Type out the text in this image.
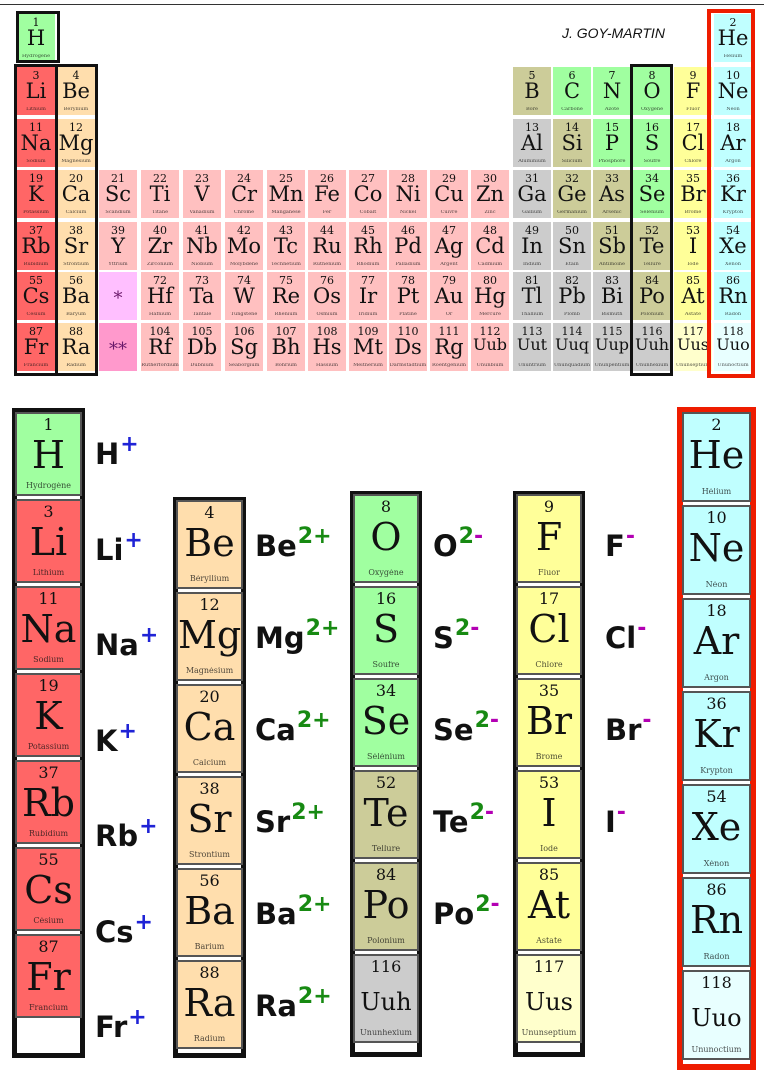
J. GOY-MARTIN
1
H
Hydrogène
2
He
Hélium
3
Li
Lithium
4
Be
Béryllium
5
B
Bore
6
C
Carbone
7
N
Azote
8
O
Oxygène
9
F
Fluor
10
Ne
Néon
11
Na
Sodium
12
Mg
Magnésium
13
Al
Aluminium
14
Si
Silicium
15
P
Phosphore
16
S
Soufre
17
Cl
Chlore
18
Ar
Argon
19
K
Potassium
20
Ca
Calcium
21
Sc
Scandium
22
Ti
Titane
23
V
Vanadium
24
Cr
Chrome
25
Mn
Manganèse
26
Fe
Fer
27
Co
Cobalt
28
Ni
Nickel
29
Cu
Cuivre
30
Zn
Zinc
31
Ga
Gallium
32
Ge
Germanium
33
As
Arsenic
34
Se
Sélénium
35
Br
Brome
36
Kr
Krypton
37
Rb
Rubidium
38
Sr
Strontium
39
Y
Yttrium
40
Zr
Zirconium
41
Nb
Niobium
42
Mo
Molybdène
43
Tc
Technétium
44
Ru
Ruthénium
45
Rh
Rhodium
46
Pd
Palladium
47
Ag
Argent
48
Cd
Cadmium
49
In
Indium
50
Sn
Étain
51
Sb
Antimoine
52
Te
Tellure
53
I
Iode
54
Xe
Xénon
55
Cs
Césium
56
Ba
Baryum
*
72
Hf
Hafnium
73
Ta
Tantale
74
W
Tungstène
75
Re
Rhénium
76
Os
Osmium
77
Ir
Iridium
78
Pt
Platine
79
Au
Or
80
Hg
Mercure
81
Tl
Thallium
82
Pb
Plomb
83
Bi
Bismuth
84
Po
Polonium
85
At
Astate
86
Rn
Radon
87
Fr
Francium
88
Ra
Radium
**
104
Rf
Rutherfordium
105
Db
Dubnium
106
Sg
Seaborgium
107
Bh
Bohrium
108
Hs
Hassium
109
Mt
Meitnérium
110
Ds
Darmstadtium
111
Rg
Roentgenium
112
Uub
Ununbium
113
Uut
Ununtrium
114
Uuq
Ununquadium
115
Uup
Ununpentium
116
Uuh
Ununhexium
117
Uus
Ununseptium
118
Uuo
Ununoctium
1
H
Hydrogène
3
Li
Lithium
11
Na
Sodium
19
K
Potassium
37
Rb
Rubidium
55
Cs
Césium
87
Fr
Francium
4
Be
Béryllium
12
Mg
Magnésium
20
Ca
Calcium
38
Sr
Strontium
56
Ba
Barium
88
Ra
Radium
8
O
Oxygène
16
S
Soufre
34
Se
Sélénium
52
Te
Tellure
84
Po
Polonium
116
Uuh
Ununhexium
9
F
Fluor
17
Cl
Chlore
35
Br
Brome
53
I
Iode
85
At
Astate
117
Uus
Ununseptium
2
He
Hélium
10
Ne
Néon
18
Ar
Argon
36
Kr
Krypton
54
Xe
Xénon
86
Rn
Radon
118
Uuo
Ununoctium
H+
Li+
Na+
K+
Rb+
Cs+
Fr+
$Be^{2+}$
$Mg^{2+}$
$Ca^{2+}$
$Sr^{2+}$
$Ba^{2+}$
$Ra^{2+}$
$O^{2-}$
$S^{2-}$
$Se^{2-}$
$Te^{2-}$
$Po^{2-}$
F-
Cl-
Br-
I-
